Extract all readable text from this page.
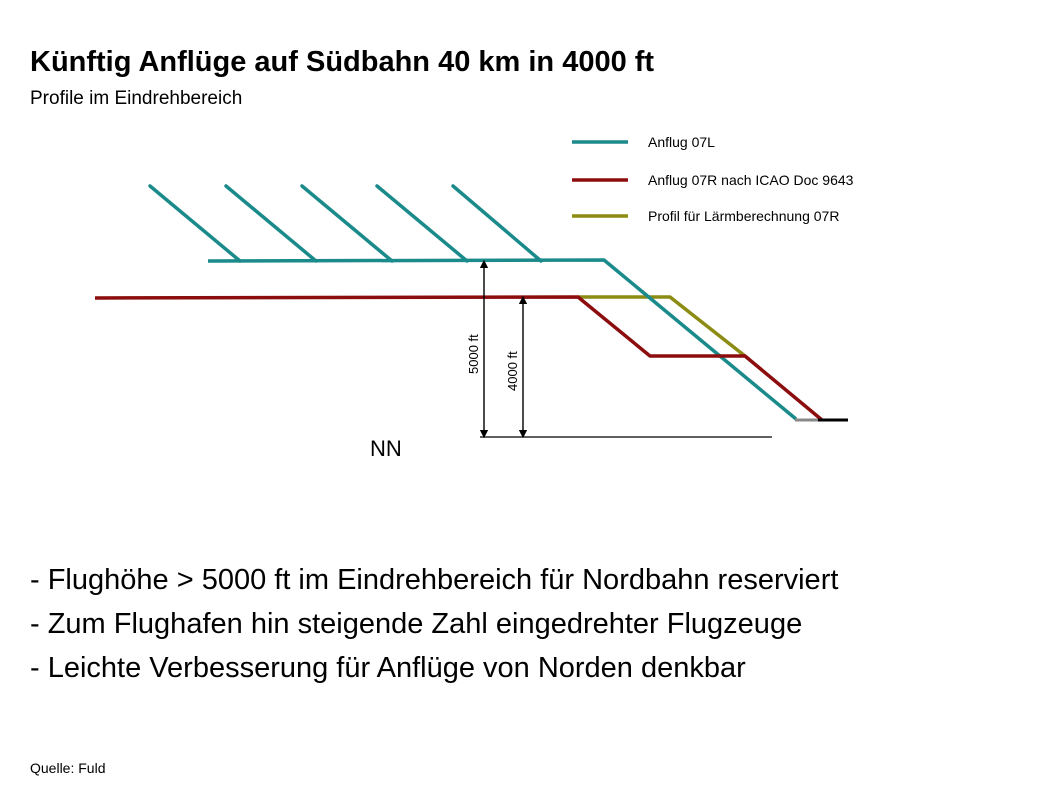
Künftig Anflüge auf Südbahn 40 km in 4000 ft
Profile im Eindrehbereich
Anflug 07L
Anflug 07R nach ICAO Doc 9643
Profil für Lärmberechnung 07R
NN
5000 ft 4000 ft
- Flughöhe > 5000 ft im Eindrehbereich für Nordbahn reserviert
- Zum Flughafen hin steigende Zahl eingedrehter Flugzeuge
- Leichte Verbesserung für Anflüge von Norden denkbar
Quelle: Fuld
